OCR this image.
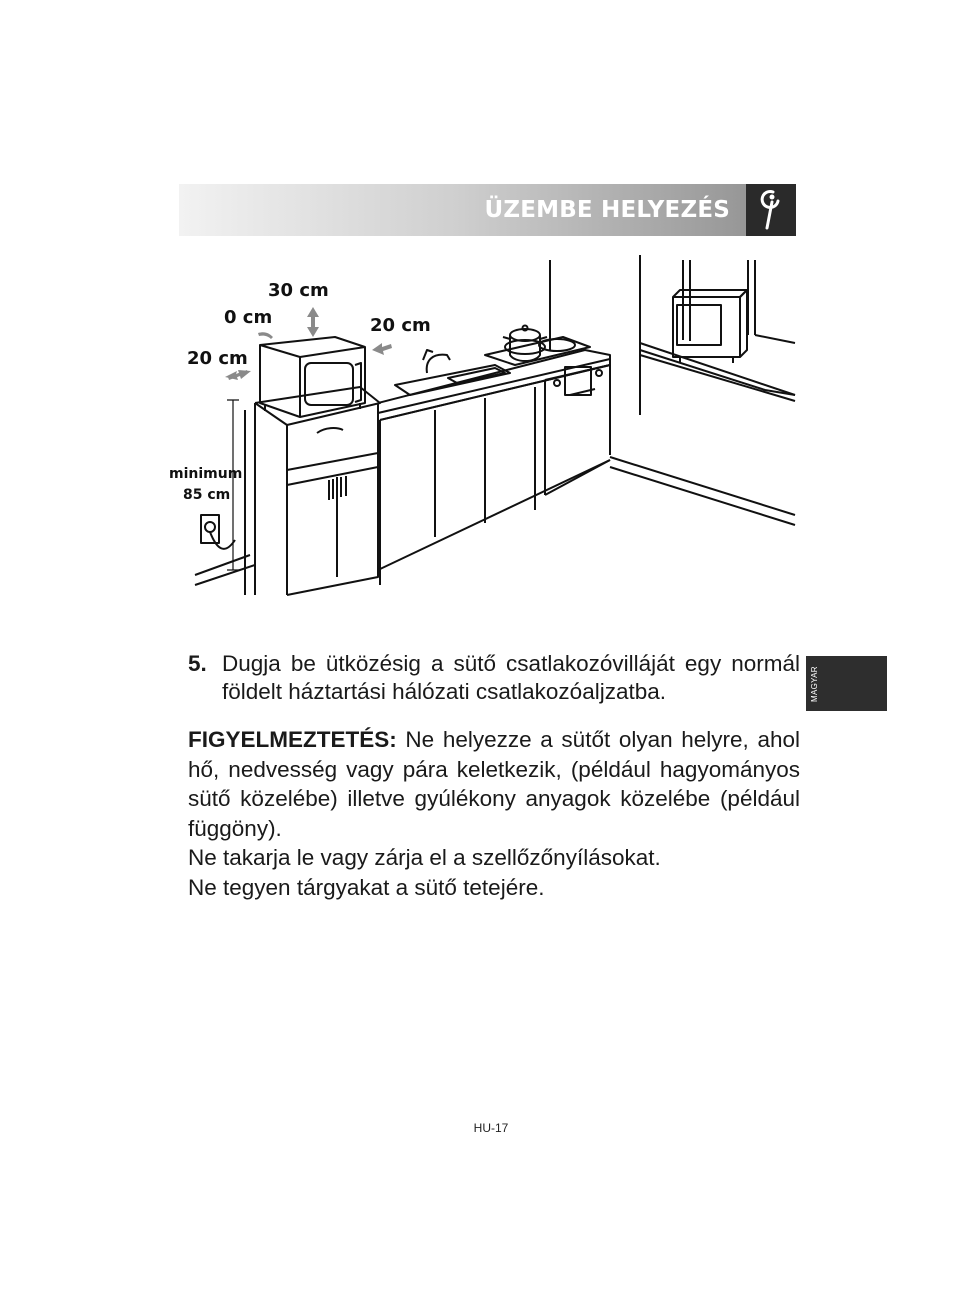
ÜZEMBE HELYEZÉS
30 cm
0 cm	20 cm
20 cm
minimum
85 cm
MAGYAR
5. Dugja be ütközésig a sütő csatlakozóvilláját egy normál földelt háztartási hálózati csatlakozóaljzatba.

FIGYELMEZTETÉS: Ne helyezze a sütőt olyan helyre, ahol hő, nedvesség vagy pára keletkezik, (például hagyományos sütő közelébe) illetve gyúlékony anyagok közelébe (például függöny).

Ne takarja le vagy zárja el a szellőzőnyílásokat.

Ne tegyen tárgyakat a sütő tetejére.

HU-17
